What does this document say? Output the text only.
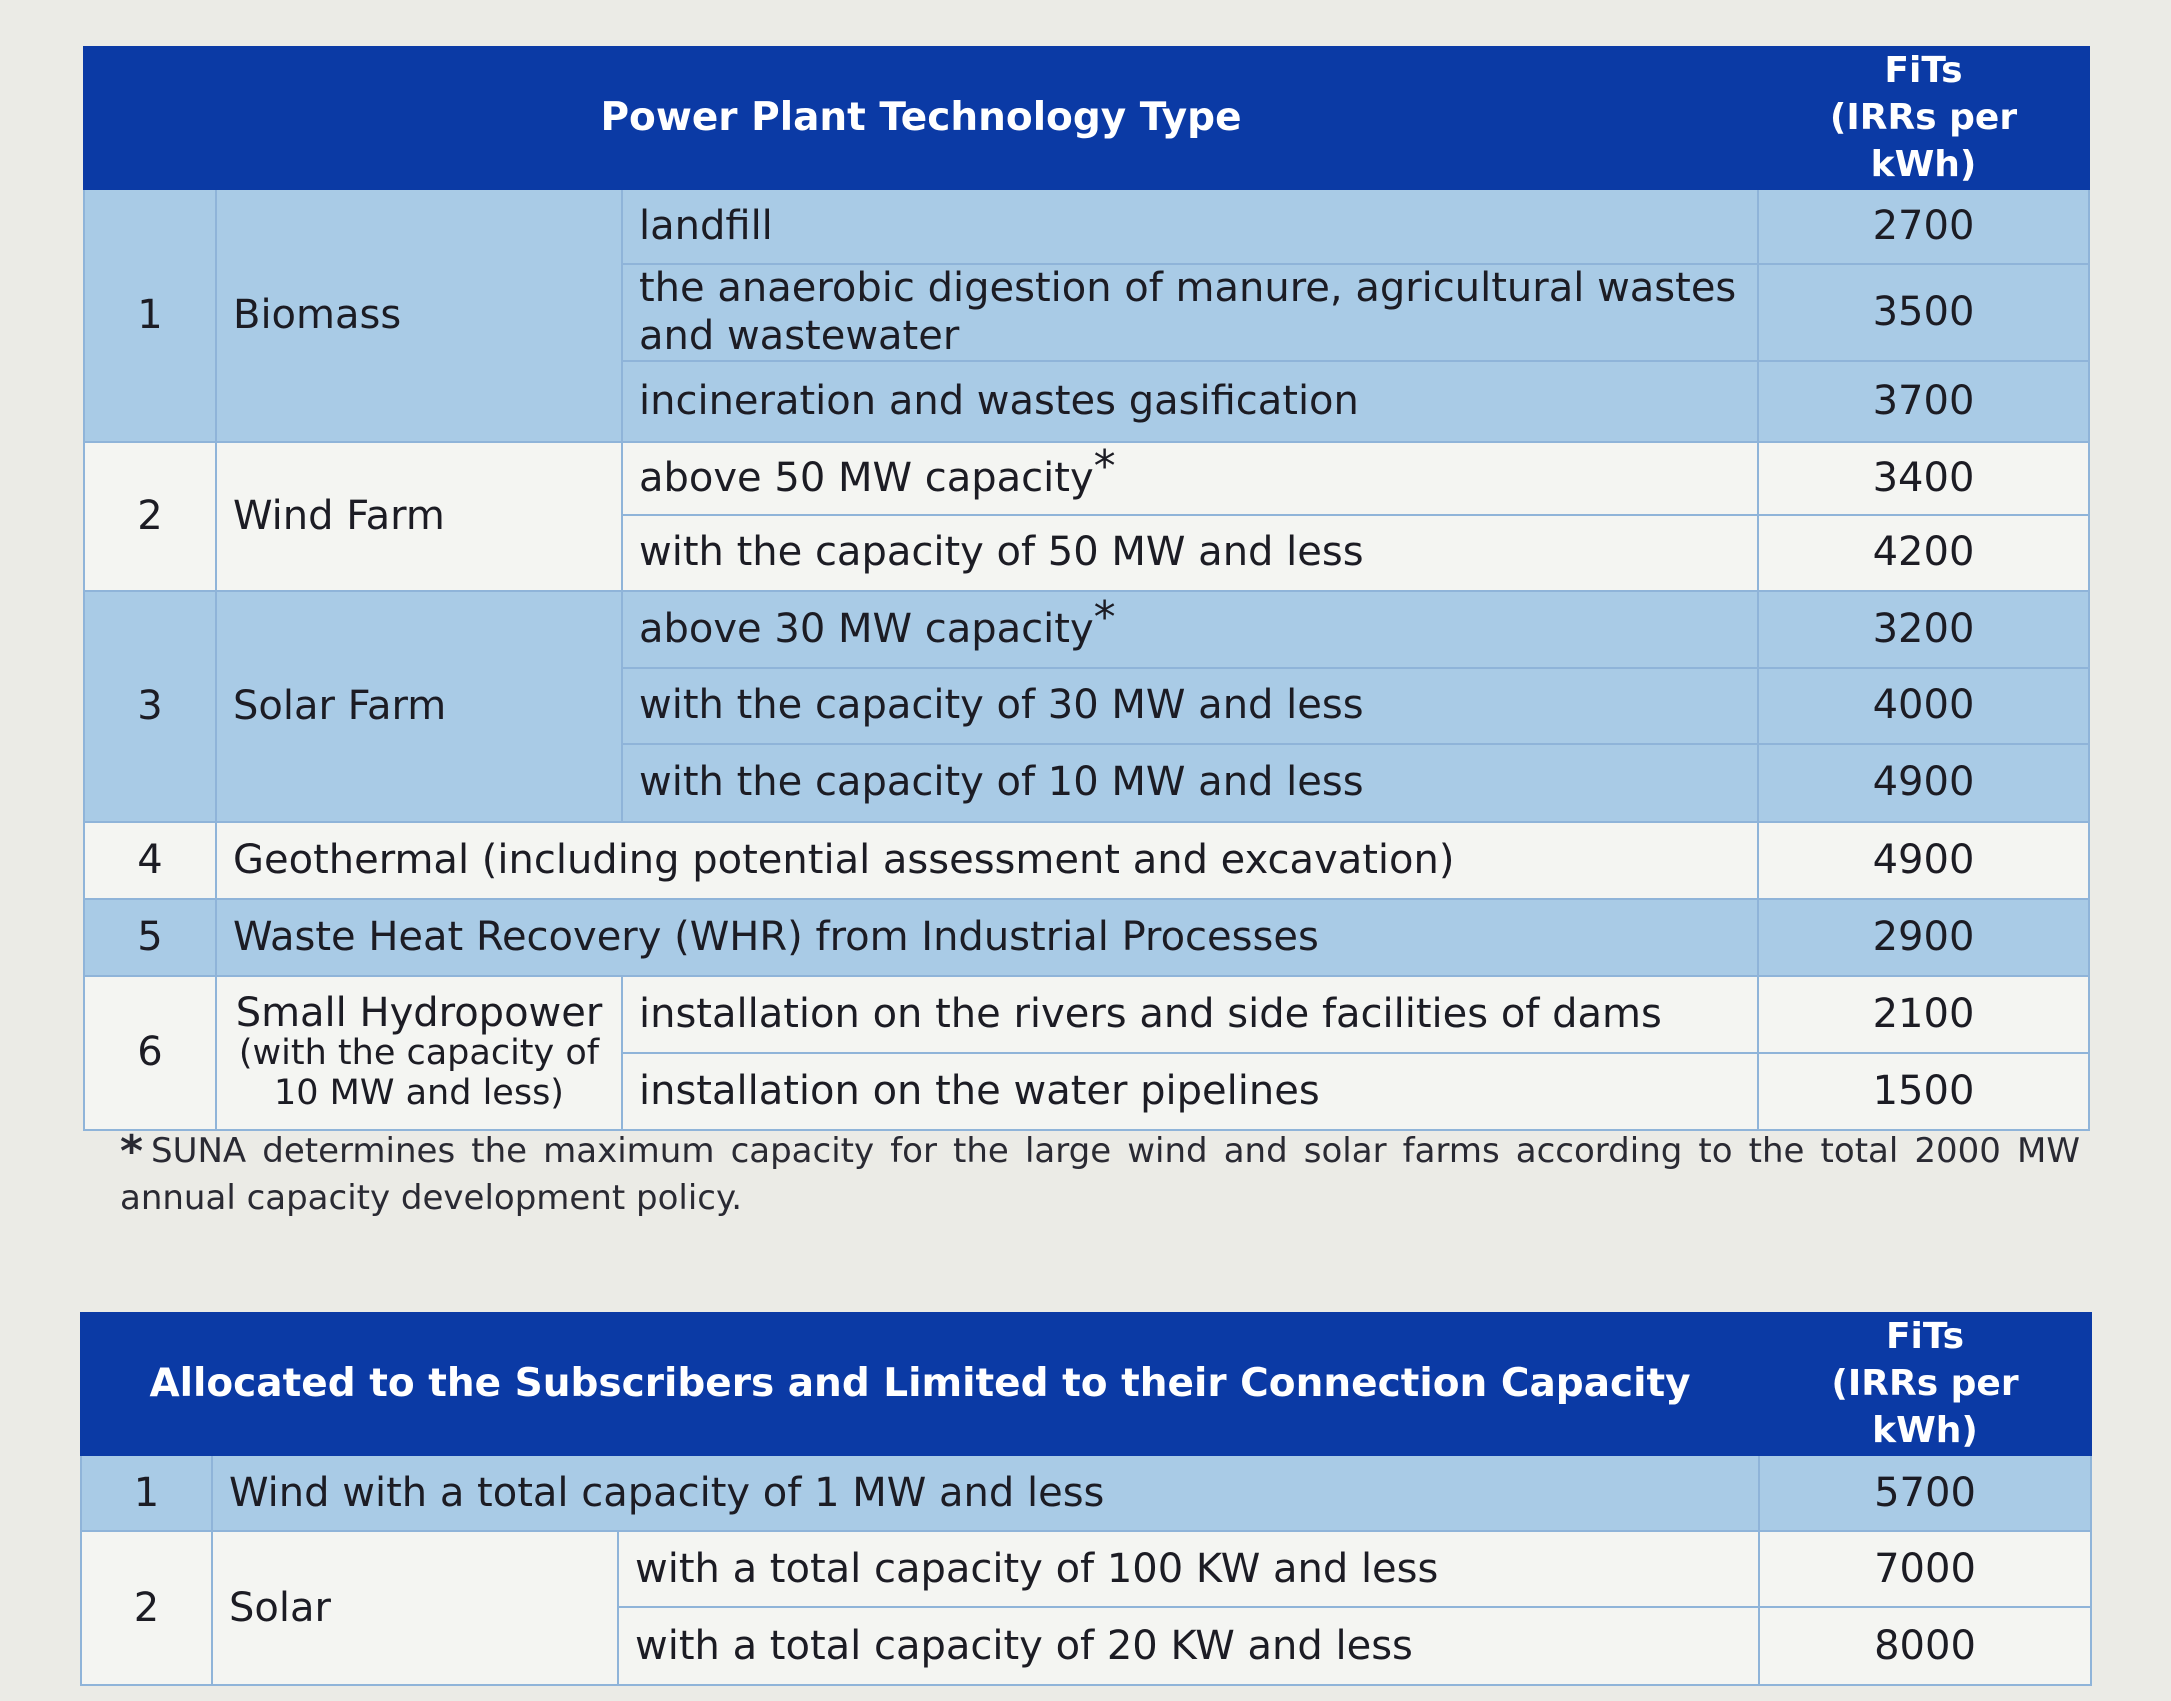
Power Plant Technology Type			FiTs
(IRRs per kWh)

1	Biomass	landfill	2700
		the anaerobic digestion of manure, agricultural wastes and wastewater	3500
		incineration and wastes gasification	3700
2	Wind Farm	above 50 MW capacity*	3400
		with the capacity of 50 MW and less	4200
3	Solar Farm	above 30 MW capacity*	3200
		with the capacity of 30 MW and less	4000
		with the capacity of 10 MW and less	4900
4	Geothermal (including potential assessment and excavation)		4900
5	Waste Heat Recovery (WHR) from Industrial Processes		2900
6	Small Hydropower
(with the capacity of
10 MW and less)	installation on the rivers and side facilities of dams	2100
		installation on the water pipelines	1500
* SUNA determines the maximum capacity for the large wind and solar farms according to the total 2000 MW annual capacity development policy.
Allocated to the Subscribers and Limited to their Connection Capacity			FiTs
(IRRs per kWh)

1	Wind with a total capacity of 1 MW and less		5700
2	Solar	with a total capacity of 100 KW and less	7000
		with a total capacity of 20 KW and less	8000
